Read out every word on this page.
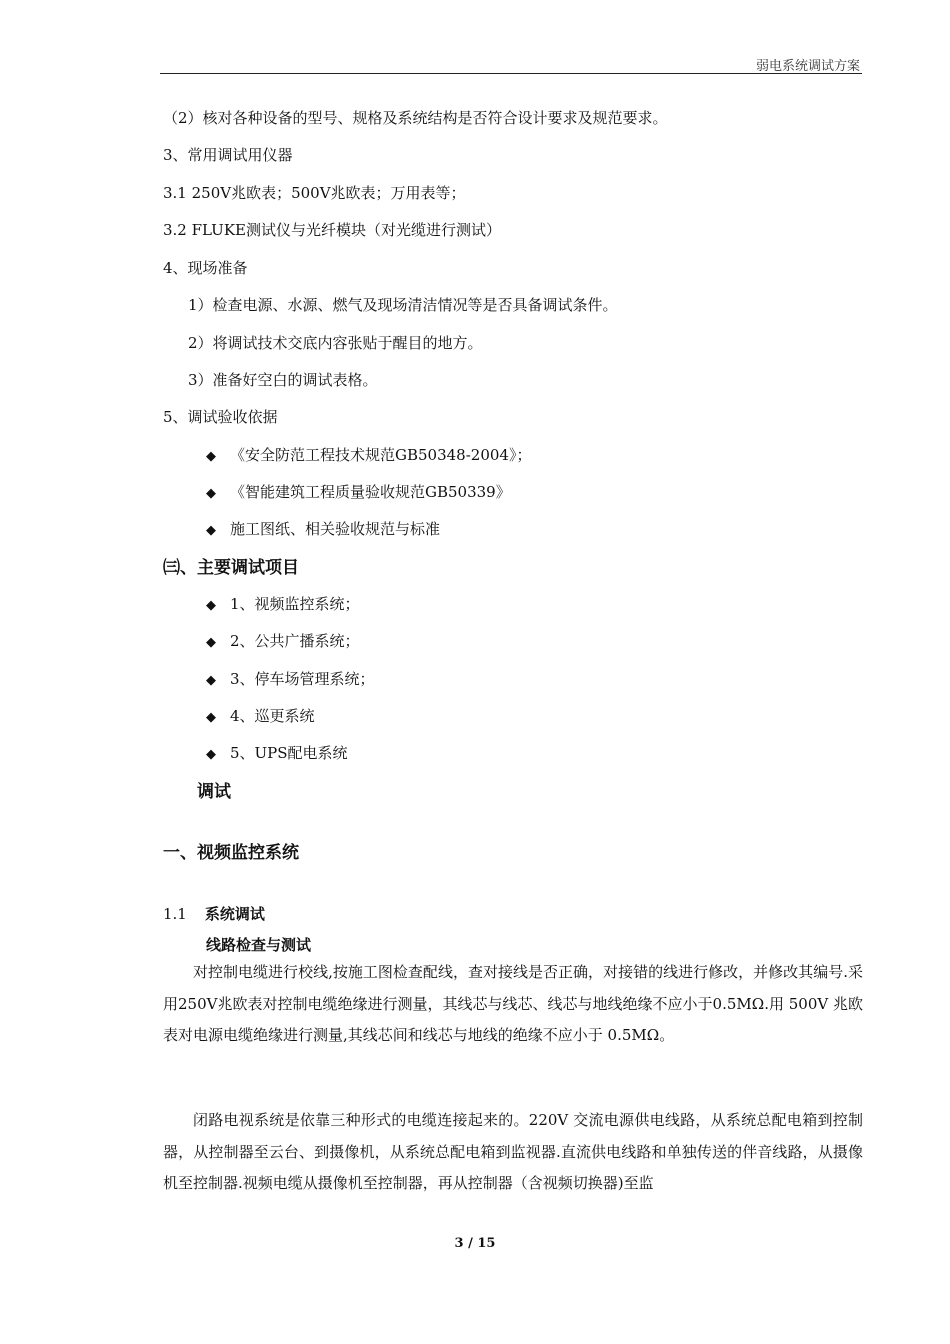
弱电系统调试方案
（2）核对各种设备的型号、规格及系统结构是否符合设计要求及规范要求。
3、常用调试用仪器
3.1 250V兆欧表；500V兆欧表；万用表等；
3.2 FLUKE测试仪与光纤模块（对光缆进行测试）
4、现场准备
1）检查电源、水源、燃气及现场清洁情况等是否具备调试条件。
2）将调试技术交底内容张贴于醒目的地方。
3）准备好空白的调试表格。
5、调试验收依据
◆ 《安全防范工程技术规范GB50348-2004》；
◆ 《智能建筑工程质量验收规范GB50339》
◆ 施工图纸、相关验收规范与标准
㈢、主要调试项目
◆ 1、视频监控系统；
◆ 2、公共广播系统；
◆ 3、停车场管理系统；
◆ 4、巡更系统
◆ 5、UPS配电系统
调试
一、视频监控系统
1.1 系统调试
线路检查与测试
对控制电缆进行校线,按施工图检查配线，查对接线是否正确，对接错的线进行修改，并修改其编号.采用250V兆欧表对控制电缆绝缘进行测量，其线芯与线芯、线芯与地线绝缘不应小于0.5MΩ.用 500V 兆欧表对电源电缆绝缘进行测量,其线芯间和线芯与地线的绝缘不应小于 0.5MΩ。
闭路电视系统是依靠三种形式的电缆连接起来的。220V 交流电源供电线路，从系统总配电箱到控制器，从控制器至云台、到摄像机，从系统总配电箱到监视器.直流供电线路和单独传送的伴音线路，从摄像机至控制器.视频电缆从摄像机至控制器，再从控制器（含视频切换器)至监
3 / 15
